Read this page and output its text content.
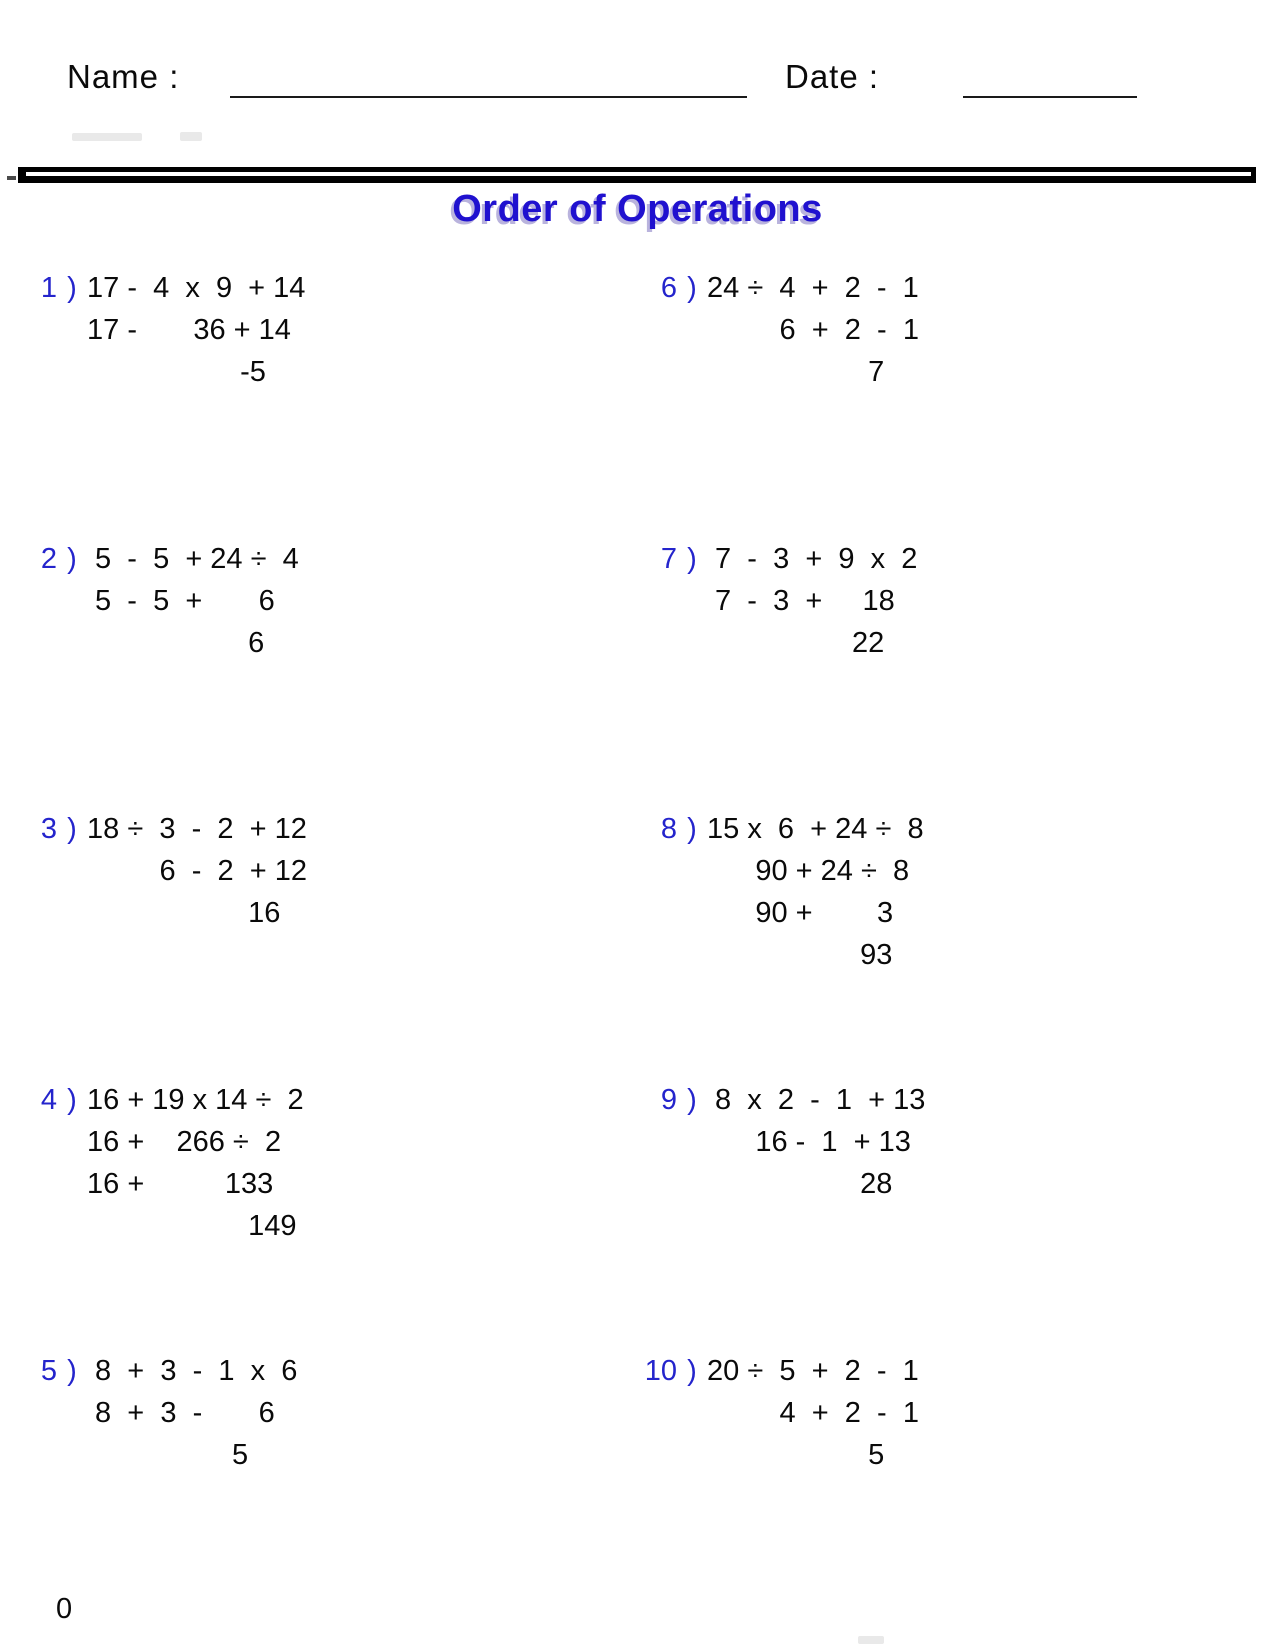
Name :	Date :
Order of Operations
1 ) 17 -  4  x  9  + 14
17 -       36 + 14
-5
2 ) 5  -  5  + 24 ÷  4
5  -  5  +       6
6
3 ) 18 ÷  3  -  2  + 12
6  -  2  + 12
16
4 ) 16 + 19 x 14 ÷  2
16 +    266 ÷  2
16 +          133
149
5 ) 8  +  3  -  1  x  6
8  +  3  -       6
5
6 ) 24 ÷  4  +  2  -  1
6  +  2  -  1
7
7 ) 7  -  3  +  9  x  2
7  -  3  +     18
22
8 ) 15 x  6  + 24 ÷  8
90 + 24 ÷  8
90 +        3
93
9 ) 8  x  2  -  1  + 13
16 -  1  + 13
28
10 ) 20 ÷  5  +  2  -  1
4  +  2  -  1
5
0
